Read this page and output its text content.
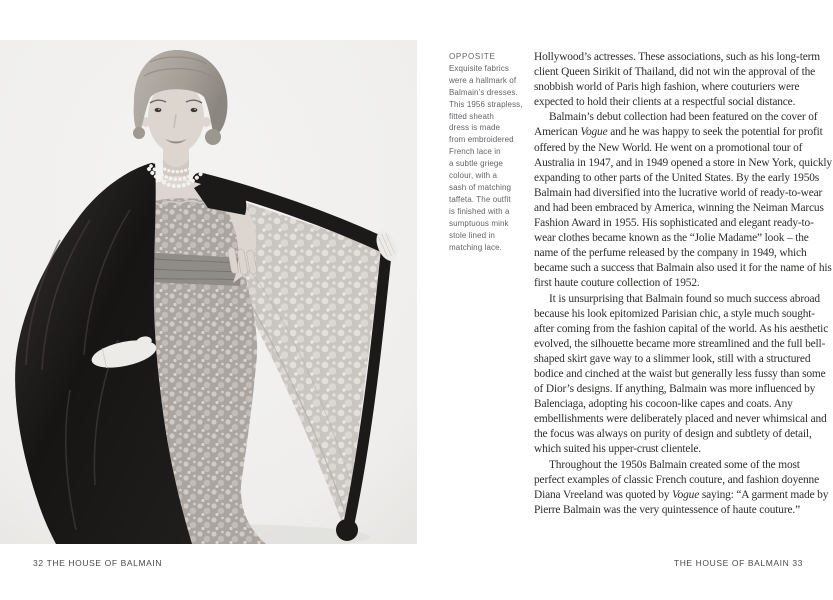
OPPOSITE
Exquisite fabrics
were a hallmark of
Balmain’s dresses.
This 1956 strapless,
fitted sheath
dress is made
from embroidered
French lace in
a subtle griege
colour, with a
sash of matching
taffeta. The outfit
is finished with a
sumptuous mink
stole lined in
matching lace.

Hollywood’s actresses. These associations, such as his long-term client Queen Sirikit of Thailand, did not win the approval of the snobbish world of Paris high fashion, where couturiers were expected to hold their clients at a respectful social distance.

Balmain’s debut collection had been featured on the cover of American Vogue and he was happy to seek the potential for profit offered by the New World. He went on a promotional tour of Australia in 1947, and in 1949 opened a store in New York, quickly expanding to other parts of the United States. By the early 1950s Balmain had diversified into the lucrative world of ready-to-wear and had been embraced by America, winning the Neiman Marcus Fashion Award in 1955. His sophisticated and elegant ready-to-wear clothes became known as the “Jolie Madame” look – the name of the perfume released by the company in 1949, which became such a success that Balmain also used it for the name of his first haute couture collection of 1952.

It is unsurprising that Balmain found so much success abroad because his look epitomized Parisian chic, a style much sought-after coming from the fashion capital of the world. As his aesthetic evolved, the silhouette became more streamlined and the full bell-shaped skirt gave way to a slimmer look, still with a structured bodice and cinched at the waist but generally less fussy than some of Dior’s designs. If anything, Balmain was more influenced by Balenciaga, adopting his cocoon-like capes and coats. Any embellishments were deliberately placed and never whimsical and the focus was always on purity of design and subtlety of detail, which suited his upper-crust clientele.

Throughout the 1950s Balmain created some of the most perfect examples of classic French couture, and fashion doyenne Diana Vreeland was quoted by Vogue saying: “A garment made by Pierre Balmain was the very quintessence of haute couture.”

32 THE HOUSE OF BALMAIN	THE HOUSE OF BALMAIN 33
